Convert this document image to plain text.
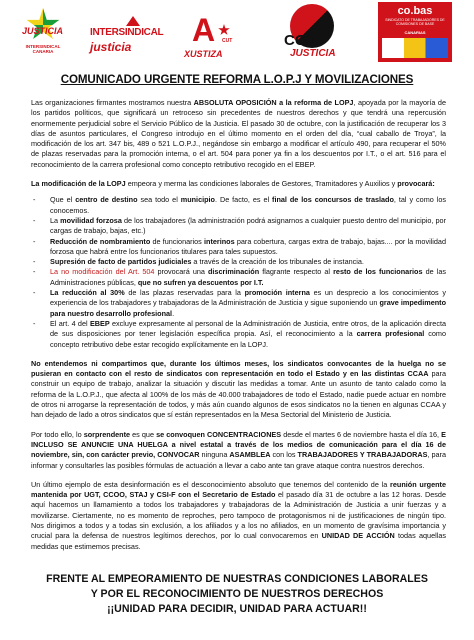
JUSTICIA
INTERSINDICAL CANARIA
INTERSINDICAL
justicia A CUT
XUSTIZA
CGT
JUSTICIA
co.bas
SINDICATO DE TRABAJADORES DE COMISIONES DE BASE
CANARIAS
COMUNICADO URGENTE REFORMA L.O.P.J Y MOVILIZACIONES

Las organizaciones firmantes mostramos nuestra ABSOLUTA OPOSICIÓN a la reforma de LOPJ, apoyada por la mayoría de los partidos políticos, que significará un retroceso sin precedentes de nuestros derechos y que tendrá una repercusión enormemente perjudicial sobre el Servicio Público de la Justicia. El pasado 30 de octubre, con la justificación de recuperar los 3 días de asuntos particulares, el Congreso introdujo en el último momento en el orden del día, “cual caballo de Troya”, la modificación de los art. 347 bis, 489 o 521 L.O.P.J., negándose sin embargo a modificar el artículo 490, para recuperar el 50% de plazas reservadas para la promoción interna, o el art. 504 para poner ya fin a los descuentos por I.T., o el art. 516 para el reconocimiento de la carrera profesional como concepto retributivo recogido en el EBEP.

La modificación de la LOPJ empeora y merma las condiciones laborales de Gestores, Tramitadores y Auxilios y provocará:

- Que el centro de destino sea todo el municipio. De facto, es el final de los concursos de traslado, tal y como los conocemos.
- La movilidad forzosa de los trabajadores (la administración podrá asignarnos a cualquier puesto dentro del municipio, por cargas de trabajo, bajas, etc.)
- Reducción de nombramiento de funcionarios interinos para cobertura, cargas extra de trabajo, bajas.... por la movilidad forzosa que habrá entre los funcionarios titulares para tales supuestos.
- Supresión de facto de partidos judiciales a través de la creación de los tribunales de instancia.
- La no modificación del Art. 504 provocará una discriminación flagrante respecto al resto de los funcionarios de las Administraciones públicas, que no sufren ya descuentos por I.T.
- La reducción al 30% de las plazas reservadas para la promoción interna es un desprecio a los conocimientos y experiencia de los trabajadores y trabajadoras de la Administración de Justicia y sigue suponiendo un grave impedimento para nuestro desarrollo profesional.
- El art. 4 del EBEP excluye expresamente al personal de la Administración de Justicia, entre otros, de la aplicación directa de sus disposiciones por tener legislación específica propia. Así, el reconocimiento a la carrera profesional como concepto retributivo debe estar recogido explícitamente en la LOPJ.

No entendemos ni compartimos que, durante los últimos meses, los sindicatos convocantes de la huelga no se pusieran en contacto con el resto de sindicatos con representación en todo el Estado y en las distintas CCAA para construir un equipo de trabajo, analizar la situación y discutir las medidas a tomar. Ante un asunto de tanto calado como la reforma de la L.O.P.J., que afecta al 100% de los más de 40.000 trabajadores de todo el Estado, nadie puede actuar en nombre de otros ni arrogarse la representación de todos, y más aún cuando algunos de esos sindicatos no la tienen en algunas CCAA y han dejado de lado a otros sindicatos que sí están representados en la Mesa Sectorial del Ministerio de Justicia.

Por todo ello, lo sorprendente es que se convoquen CONCENTRACIONES desde el martes 6 de noviembre hasta el día 16, E INCLUSO SE ANUNCIE UNA HUELGA a nivel estatal a través de los medios de comunicación para el día 16 de noviembre, sin, con carácter previo, CONVOCAR ninguna ASAMBLEA con los TRABAJADORES Y TRABAJADORAS, para informar y consultarles las posibles fórmulas de actuación a llevar a cabo ante tan grave ataque contra nuestros derechos.

Un último ejemplo de esta desinformación es el desconocimiento absoluto que tenemos del contenido de la reunión urgente mantenida por UGT, CCOO, STAJ y CSI-F con el Secretario de Estado el pasado día 31 de octubre a las 12 horas. Desde aquí hacemos un llamamiento a todos los trabajadores y trabajadoras de la Administración de Justicia a unir fuerzas y a movilizarse. Ciertamente, no es momento de reproches, pero tampoco de protagonismos ni de justificaciones de ningún tipo. Nos dirigimos a todos y a todas sin exclusión, a los afiliados y a los no afiliados, en un momento de gravísima importancia y crucial para la defensa de nuestros legítimos derechos, por lo cual convocaremos en UNIDAD DE ACCIÓN todas aquellas medidas que estimemos precisas.

FRENTE AL EMPEORAMIENTO DE NUESTRAS CONDICIONES LABORALES
Y POR EL RECONOCIMIENTO DE NUESTROS DERECHOS
¡¡UNIDAD PARA DECIDIR, UNIDAD PARA ACTUAR!!
